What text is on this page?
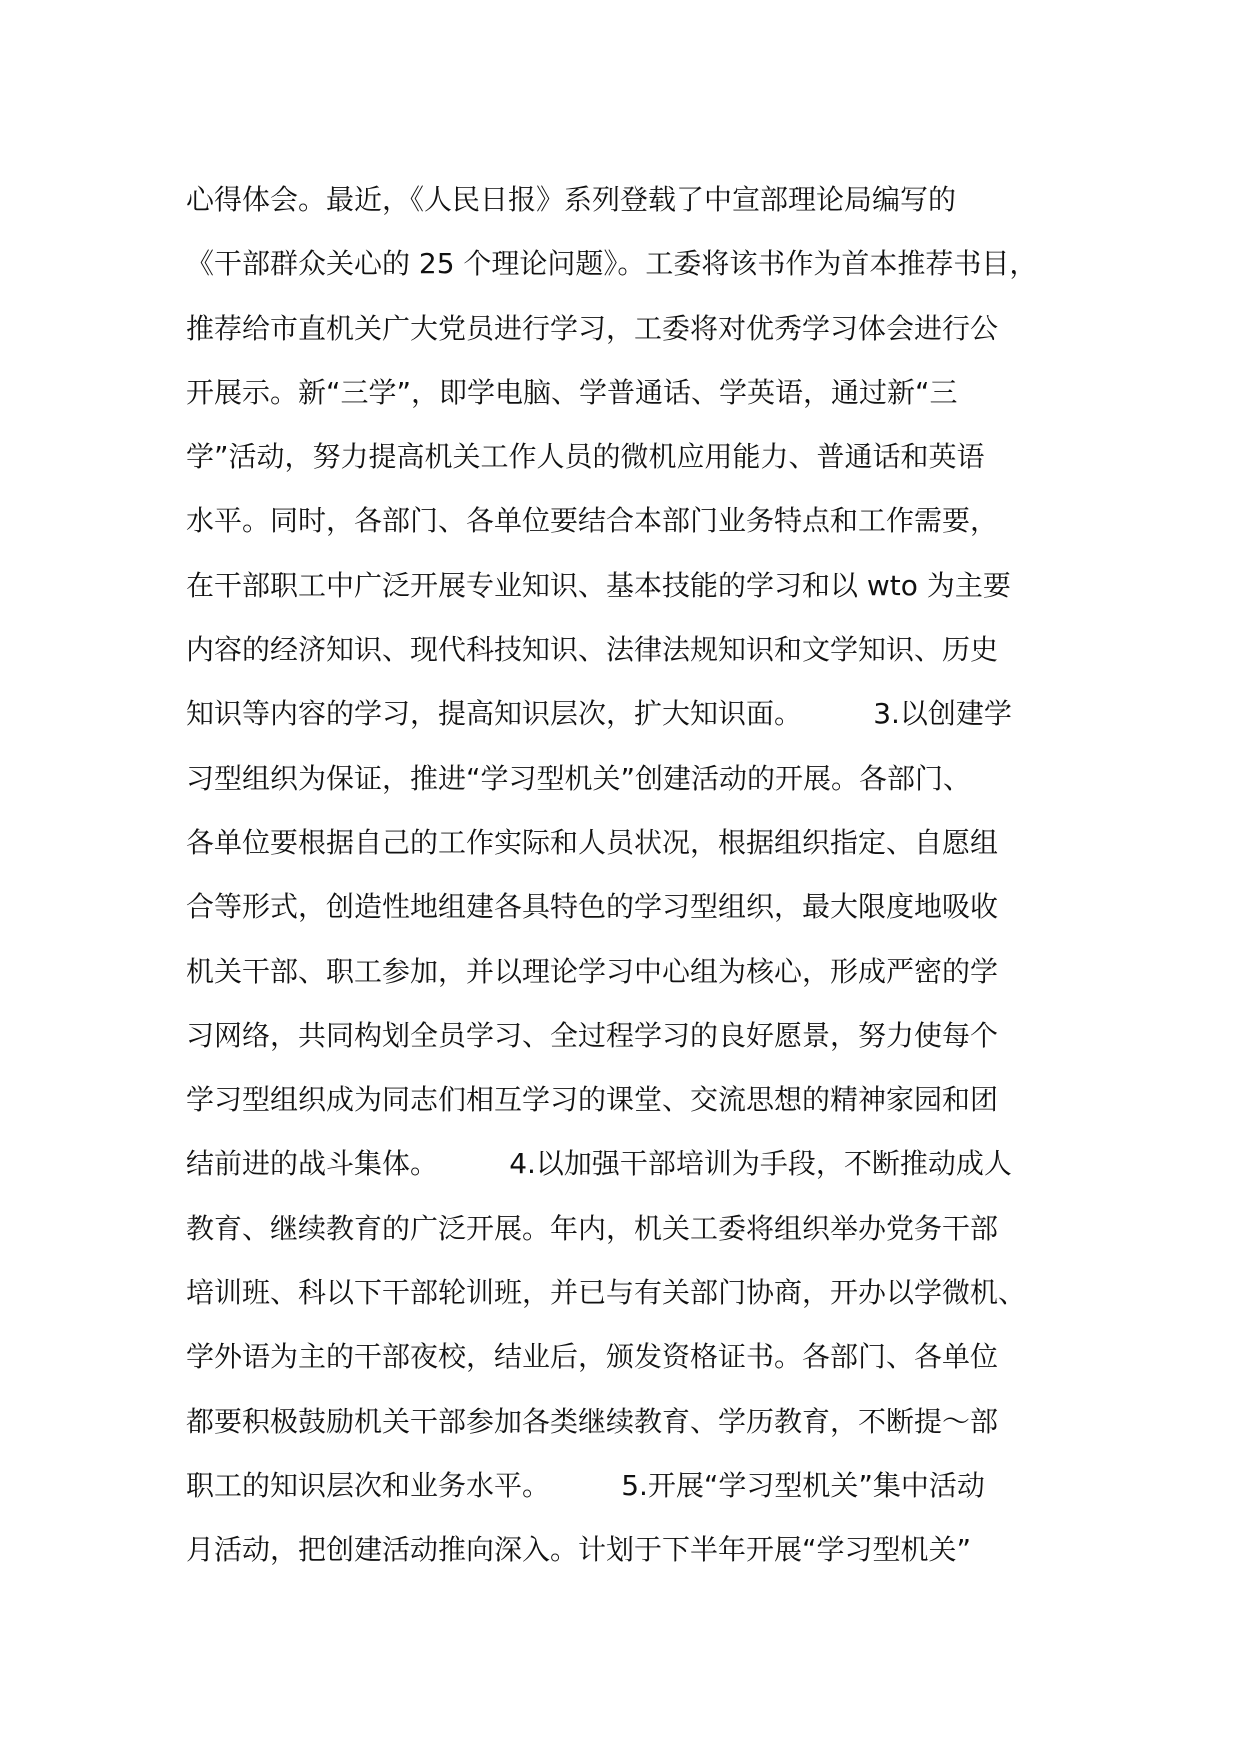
心得体会。最近，《人民日报》系列登载了中宣部理论局编写的
《干部群众关心的 25 个理论问题》。工委将该书作为首本推荐书目，
推荐给市直机关广大党员进行学习，工委将对优秀学习体会进行公
开展示。新“三学”，即学电脑、学普通话、学英语，通过新“三
学”活动，努力提高机关工作人员的微机应用能力、普通话和英语
水平。同时，各部门、各单位要结合本部门业务特点和工作需要，
在干部职工中广泛开展专业知识、基本技能的学习和以 wto 为主要
内容的经济知识、现代科技知识、法律法规知识和文学知识、历史
知识等内容的学习，提高知识层次，扩大知识面。        3.以创建学
习型组织为保证，推进“学习型机关”创建活动的开展。各部门、
各单位要根据自己的工作实际和人员状况，根据组织指定、自愿组
合等形式，创造性地组建各具特色的学习型组织，最大限度地吸收
机关干部、职工参加，并以理论学习中心组为核心，形成严密的学
习网络，共同构划全员学习、全过程学习的良好愿景，努力使每个
学习型组织成为同志们相互学习的课堂、交流思想的精神家园和团
结前进的战斗集体。        4.以加强干部培训为手段，不断推动成人
教育、继续教育的广泛开展。年内，机关工委将组织举办党务干部
培训班、科以下干部轮训班，并已与有关部门协商，开办以学微机、
学外语为主的干部夜校，结业后，颁发资格证书。各部门、各单位
都要积极鼓励机关干部参加各类继续教育、学历教育，不断提～部
职工的知识层次和业务水平。        5.开展“学习型机关”集中活动
月活动，把创建活动推向深入。计划于下半年开展“学习型机关”
